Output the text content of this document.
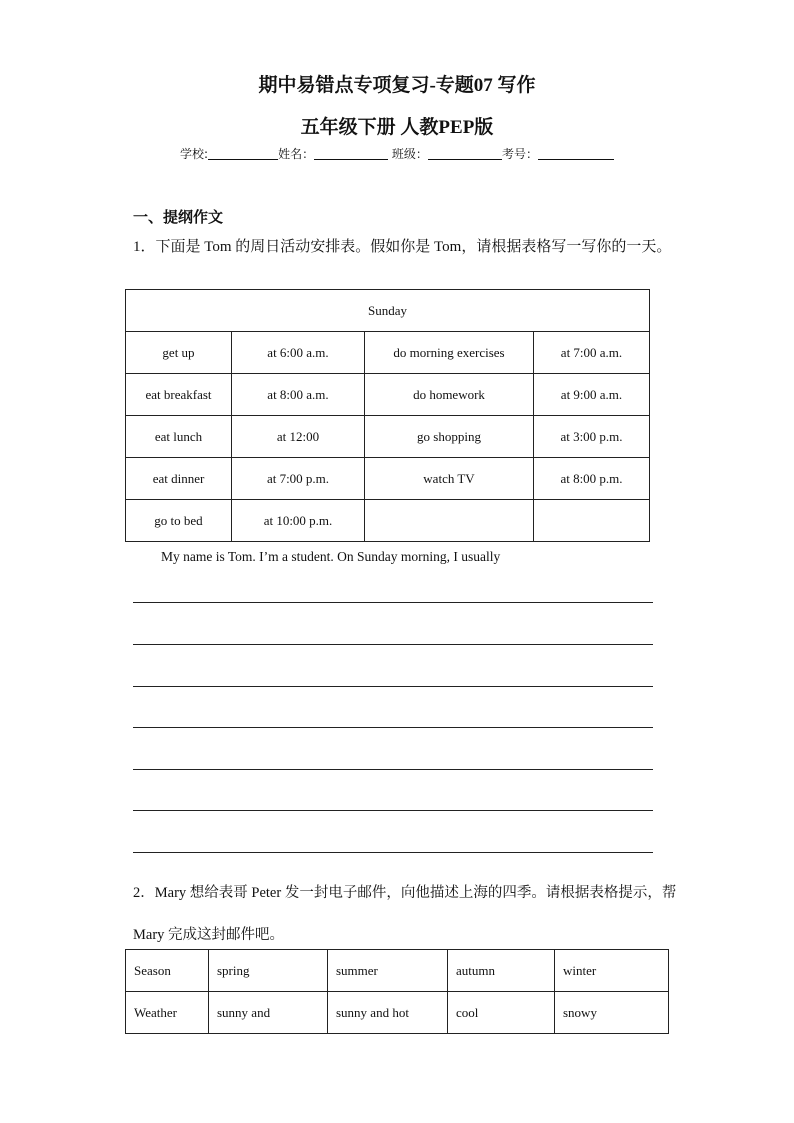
期中易错点专项复习-专题07 写作
五年级下册 人教PEP版
学校:	姓名：	班级：	考号：
一、提纲作文
1．下面是 Tom 的周日活动安排表。假如你是 Tom，请根据表格写一写你的一天。
Sunday			
get up	at 6:00 a.m.	do morning exercises	at 7:00 a.m.
eat breakfast	at 8:00 a.m.	do homework	at 9:00 a.m.
eat lunch	at 12:00	go shopping	at 3:00 p.m.
eat dinner	at 7:00 p.m.	watch TV	at 8:00 p.m.
go to bed	at 10:00 p.m.		
My name is Tom. I’m a student. On Sunday morning, I usually
2．Mary 想给表哥 Peter 发一封电子邮件，向他描述上海的四季。请根据表格提示，帮 Mary 完成这封邮件吧。
Season	spring	summer	autumn	winter
Weather	sunny and	sunny and hot	cool	snowy
